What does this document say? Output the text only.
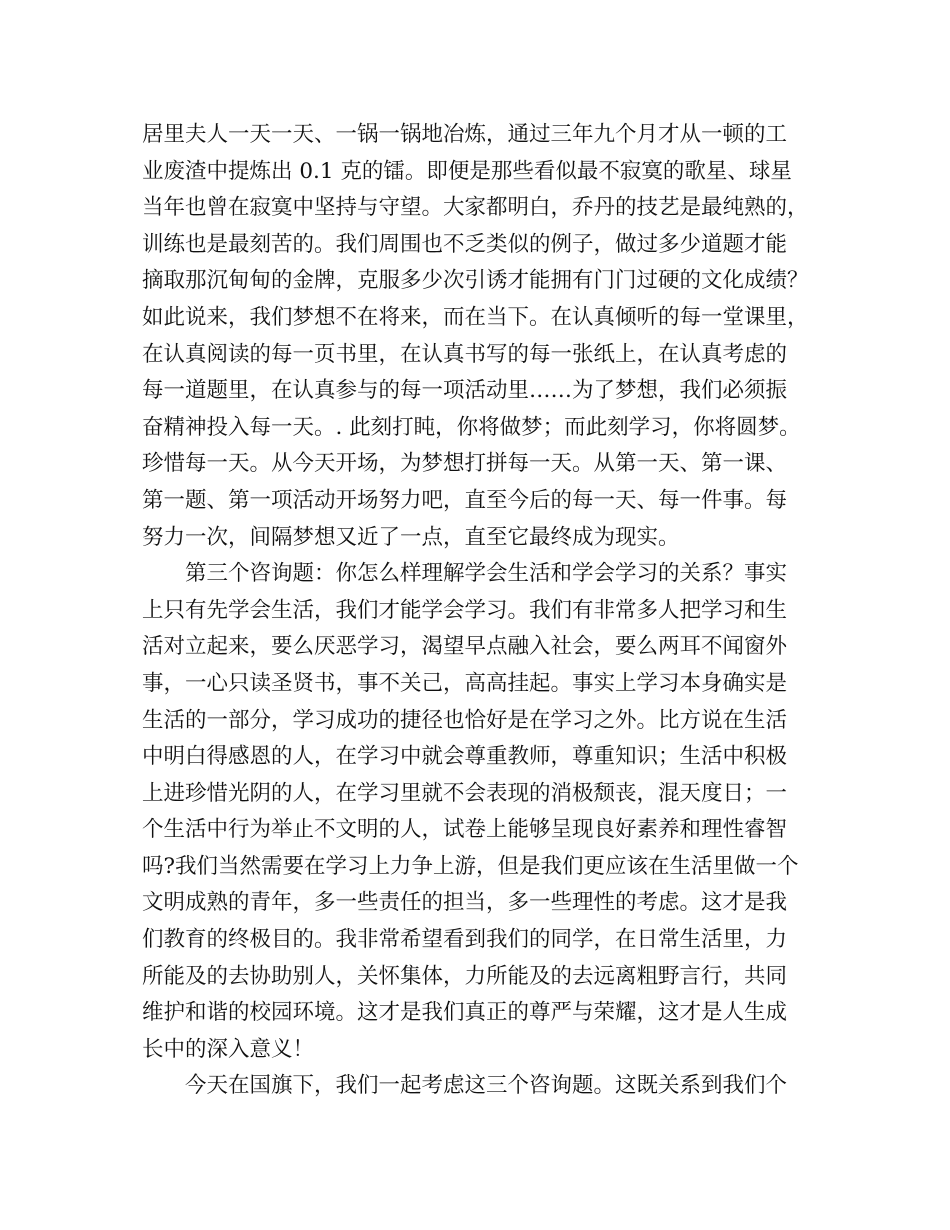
居里夫人一天一天、一锅一锅地冶炼，通过三年九个月才从一顿的工
业废渣中提炼出 0.1 克的镭。即便是那些看似最不寂寞的歌星、球星
当年也曾在寂寞中坚持与守望。大家都明白，乔丹的技艺是最纯熟的，
训练也是最刻苦的。我们周围也不乏类似的例子，做过多少道题才能
摘取那沉甸甸的金牌，克服多少次引诱才能拥有门门过硬的文化成绩？
如此说来，我们梦想不在将来，而在当下。在认真倾听的每一堂课里，
在认真阅读的每一页书里，在认真书写的每一张纸上，在认真考虑的
每一道题里，在认真参与的每一项活动里……为了梦想，我们必须振
奋精神投入每一天。. 此刻打盹，你将做梦；而此刻学习，你将圆梦。
珍惜每一天。从今天开场，为梦想打拼每一天。从第一天、第一课、
第一题、第一项活动开场努力吧，直至今后的每一天、每一件事。每
努力一次，间隔梦想又近了一点，直至它最终成为现实。
第三个咨询题：你怎么样理解学会生活和学会学习的关系？事实
上只有先学会生活，我们才能学会学习。我们有非常多人把学习和生
活对立起来，要么厌恶学习，渴望早点融入社会，要么两耳不闻窗外
事，一心只读圣贤书，事不关己，高高挂起。事实上学习本身确实是
生活的一部分，学习成功的捷径也恰好是在学习之外。比方说在生活
中明白得感恩的人，在学习中就会尊重教师，尊重知识；生活中积极
上进珍惜光阴的人，在学习里就不会表现的消极颓丧，混天度日；一
个生活中行为举止不文明的人，试卷上能够呈现良好素养和理性睿智
吗?我们当然需要在学习上力争上游，但是我们更应该在生活里做一个
文明成熟的青年，多一些责任的担当，多一些理性的考虑。这才是我
们教育的终极目的。我非常希望看到我们的同学，在日常生活里，力
所能及的去协助别人，关怀集体，力所能及的去远离粗野言行，共同
维护和谐的校园环境。这才是我们真正的尊严与荣耀，这才是人生成
长中的深入意义！
今天在国旗下，我们一起考虑这三个咨询题。这既关系到我们个
